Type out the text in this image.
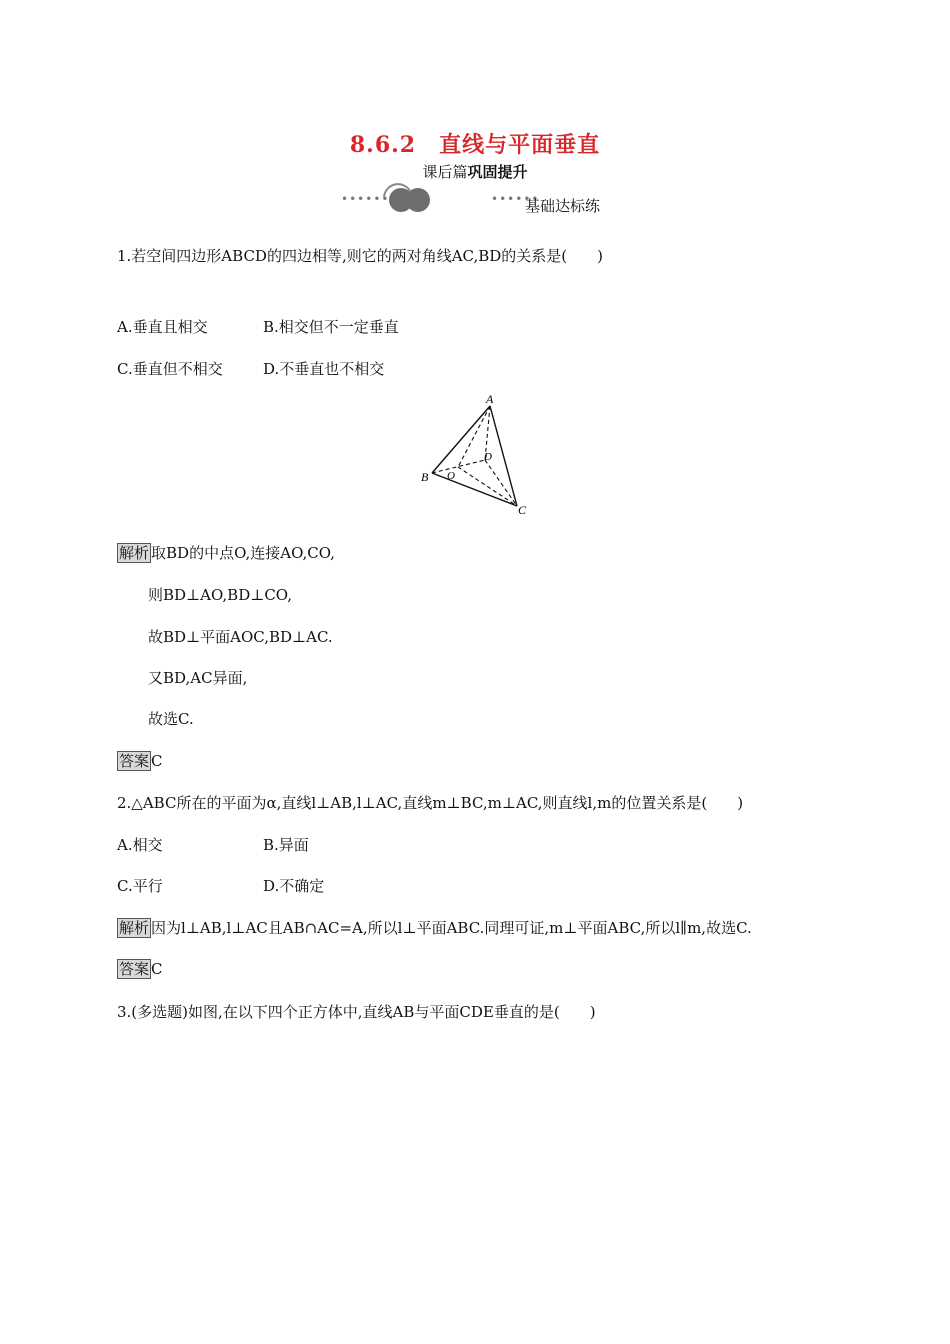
8.6.2　直线与平面垂直
课后篇巩固提升
••••••	••••••
基础达标练
1.若空间四边形ABCD的四边相等,则它的两对角线AC,BD的关系是(　　)
A.垂直且相交	B.相交但不一定垂直
C.垂直但不相交	D.不垂直也不相交
A
B
C
D
O
解析 取BD的中点O,连接AO,CO,
则BD⊥AO,BD⊥CO,
故BD⊥平面AOC,BD⊥AC.
又BD,AC异面,
故选C.
答案 C
2.△ABC所在的平面为α,直线l⊥AB,l⊥AC,直线m⊥BC,m⊥AC,则直线l,m的位置关系是(　　)
A.相交	B.异面
C.平行	D.不确定
解析 因为l⊥AB,l⊥AC且AB∩AC=A,所以l⊥平面ABC.同理可证,m⊥平面ABC,所以l∥m,故选C.
答案 C
3.(多选题)如图,在以下四个正方体中,直线AB与平面CDE垂直的是(　　)
